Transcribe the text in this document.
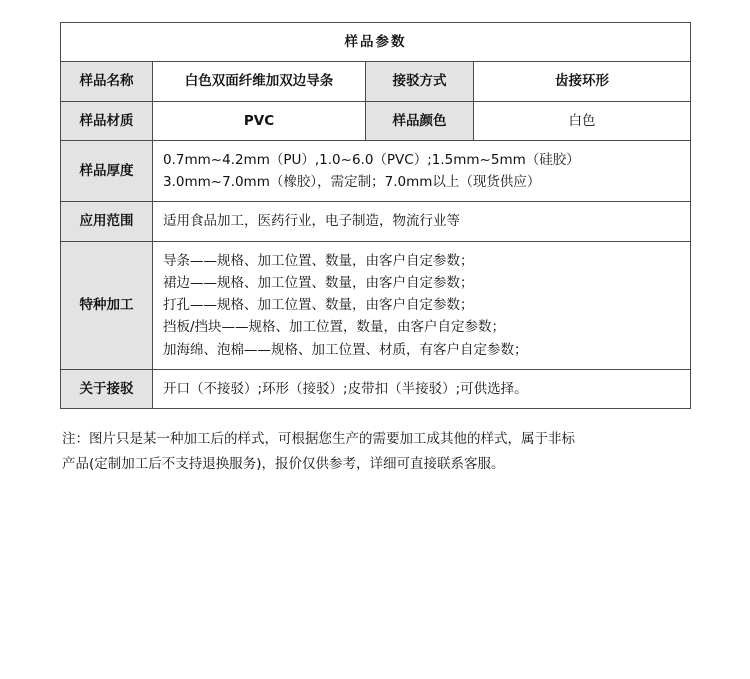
样品参数			
样品名称	白色双面纤维加双边导条	接驳方式	齿接环形
样品材质	PVC	样品颜色	白色
样品厚度	0.7mm~4.2mm（PU）,1.0~6.0（PVC）;1.5mm~5mm（硅胶）
3.0mm~7.0mm（橡胶），需定制；7.0mm以上（现货供应）		

应用范围	适用食品加工，医药行业，电子制造，物流行业等		

特种加工	导条——规格、加工位置、数量，由客户自定参数；
裙边——规格、加工位置、数量，由客户自定参数；
打孔——规格、加工位置、数量，由客户自定参数；
挡板/挡块——规格、加工位置，数量，由客户自定参数；
加海绵、泡棉——规格、加工位置、材质，有客户自定参数；		

关于接驳	开口（不接驳）;环形（接驳）;皮带扣（半接驳）;可供选择。		
注：图片只是某一种加工后的样式，可根据您生产的需要加工成其他的样式，属于非标
产品(定制加工后不支持退换服务)，报价仅供参考，详细可直接联系客服。
